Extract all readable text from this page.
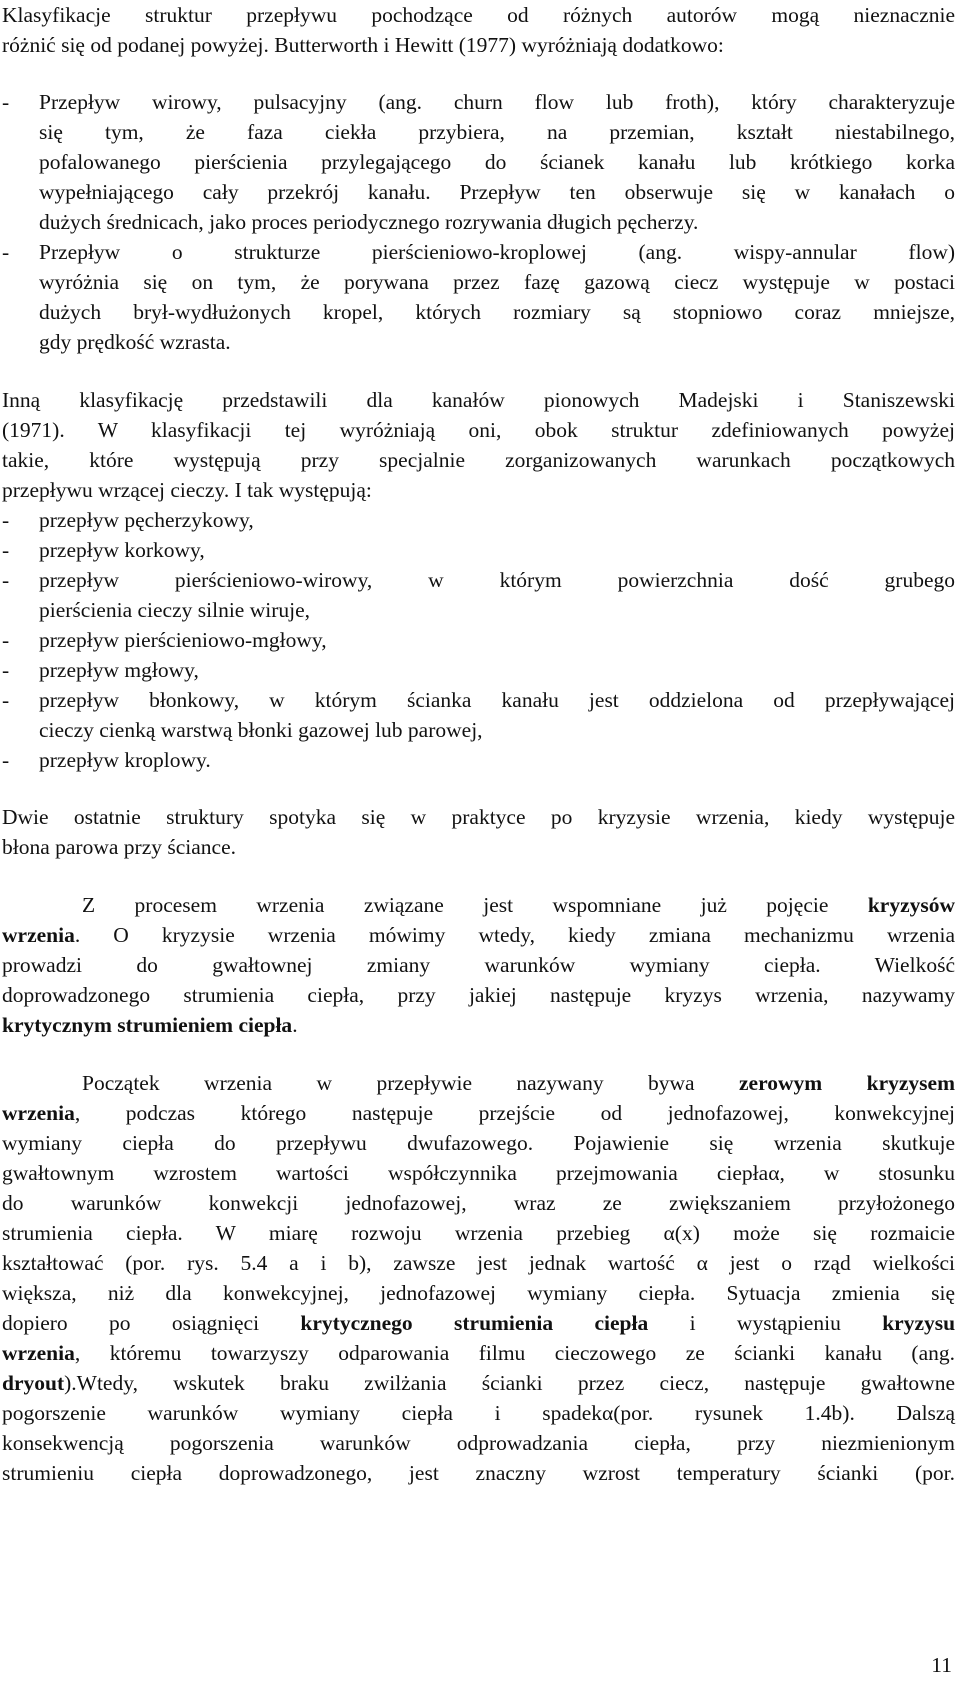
Klasyfikacje struktur przepływu pochodzące od różnych autorów mogą nieznacznie
różnić się od podanej powyżej. Butterworth i Hewitt (1977) wyróżniają dodatkowo:
- Przepływ wirowy, pulsacyjny (ang. churn flow lub froth), który charakteryzuje
się tym, że faza ciekła przybiera, na przemian, kształt niestabilnego,
pofalowanego pierścienia przylegającego do ścianek kanału lub krótkiego korka
wypełniającego cały przekrój kanału. Przepływ ten obserwuje się w kanałach o
dużych średnicach, jako proces periodycznego rozrywania długich pęcherzy.
- Przepływ o strukturze pierścieniowo-kroplowej (ang. wispy-annular flow)
wyróżnia się on tym, że porywana przez fazę gazową ciecz występuje w postaci
dużych brył-wydłużonych kropel, których rozmiary są stopniowo coraz mniejsze,
gdy prędkość wzrasta.
Inną klasyfikację przedstawili dla kanałów pionowych Madejski i Staniszewski
(1971). W klasyfikacji tej wyróżniają oni, obok struktur zdefiniowanych powyżej
takie, które występują przy specjalnie zorganizowanych warunkach początkowych
przepływu wrzącej cieczy. I tak występują:
- przepływ pęcherzykowy,
- przepływ korkowy,
- przepływ pierścieniowo-wirowy, w którym powierzchnia dość grubego
pierścienia cieczy silnie wiruje,
- przepływ pierścieniowo-mgłowy,
- przepływ mgłowy,
- przepływ błonkowy, w którym ścianka kanału jest oddzielona od przepływającej
cieczy cienką warstwą błonki gazowej lub parowej,
- przepływ kroplowy.
Dwie ostatnie struktury spotyka się w praktyce po kryzysie wrzenia, kiedy występuje
błona parowa przy ściance.
Z procesem wrzenia związane jest wspomniane już pojęcie kryzysów
wrzenia. O kryzysie wrzenia mówimy wtedy, kiedy zmiana mechanizmu wrzenia
prowadzi do gwałtownej zmiany warunków wymiany ciepła. Wielkość
doprowadzonego strumienia ciepła, przy jakiej następuje kryzys wrzenia, nazywamy
krytycznym strumieniem ciepła.
Początek wrzenia w przepływie nazywany bywa zerowym kryzysem
wrzenia, podczas którego następuje przejście od jednofazowej, konwekcyjnej
wymiany ciepła do przepływu dwufazowego. Pojawienie się wrzenia skutkuje
gwałtownym wzrostem wartości współczynnika przejmowania ciepłaα, w stosunku
do warunków konwekcji jednofazowej, wraz ze zwiększaniem przyłożonego
strumienia ciepła. W miarę rozwoju wrzenia przebieg α(x) może się rozmaicie
kształtować (por. rys. 5.4 a i b), zawsze jest jednak wartość α jest o rząd wielkości
większa, niż dla konwekcyjnej, jednofazowej wymiany ciepła. Sytuacja zmienia się
dopiero po osiągnięci krytycznego strumienia ciepła i wystąpieniu kryzysu
wrzenia, któremu towarzyszy odparowania filmu cieczowego ze ścianki kanału (ang.
dryout).Wtedy, wskutek braku zwilżania ścianki przez ciecz, następuje gwałtowne
pogorszenie warunków wymiany ciepła i spadekα(por. rysunek 1.4b). Dalszą
konsekwencją pogorszenia warunków odprowadzania ciepła, przy niezmienionym
strumieniu ciepła doprowadzonego, jest znaczny wzrost temperatury ścianki (por.
11
